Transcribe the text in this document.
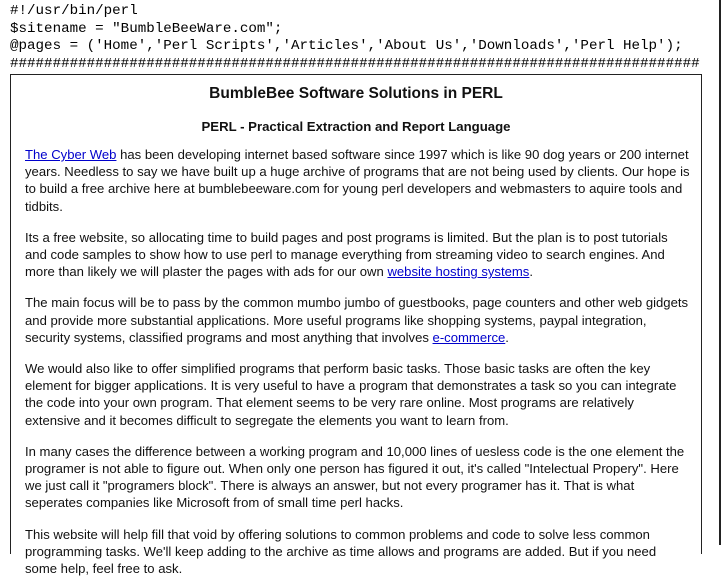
#!/usr/bin/perl
$sitename = "BumbleBeeWare.com";
@pages = ('Home','Perl Scripts','Articles','About Us','Downloads','Perl Help');
#################################################################################
BumbleBee Software Solutions in PERL
PERL - Practical Extraction and Report Language

The Cyber Web has been developing internet based software since 1997 which is like 90 dog years or 200 internet years. Needless to say we have built up a huge archive of programs that are not being used by clients. Our hope is to build a free archive here at bumblebeeware.com for young perl developers and webmasters to aquire tools and tidbits.

Its a free website, so allocating time to build pages and post programs is limited. But the plan is to post tutorials and code samples to show how to use perl to manage everything from streaming video to search engines. And more than likely we will plaster the pages with ads for our own website hosting systems.

The main focus will be to pass by the common mumbo jumbo of guestbooks, page counters and other web gidgets and provide more substantial applications. More useful programs like shopping systems, paypal integration, security systems, classified programs and most anything that involves e-commerce.

We would also like to offer simplified programs that perform basic tasks. Those basic tasks are often the key element for bigger applications. It is very useful to have a program that demonstrates a task so you can integrate the code into your own program. That element seems to be very rare online. Most programs are relatively extensive and it becomes difficult to segregate the elements you want to learn from.

In many cases the difference between a working program and 10,000 lines of uesless code is the one element the programer is not able to figure out. When only one person has figured it out, it's called "Intelectual Propery". Here we just call it "programers block". There is always an answer, but not every programer has it. That is what seperates companies like Microsoft from of small time perl hacks.

This website will help fill that void by offering solutions to common problems and code to solve less common programming tasks. We'll keep adding to the archive as time allows and programs are added. But if you need some help, feel free to ask.
